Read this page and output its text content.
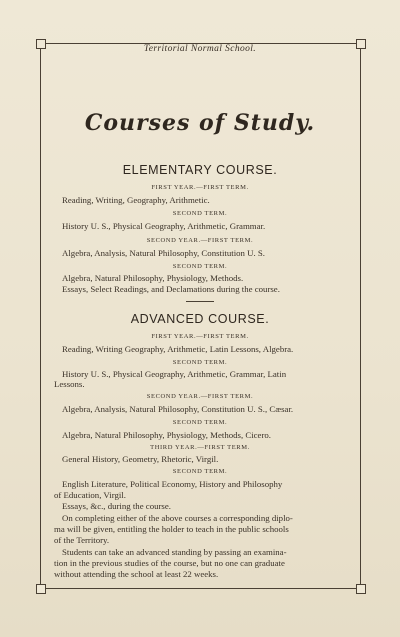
Territorial Normal School.
Courses of Study.
ELEMENTARY COURSE.
FIRST YEAR.—FIRST TERM.
Reading, Writing, Geography, Arithmetic.
SECOND TERM.
History U. S., Physical Geography, Arithmetic, Grammar.
SECOND YEAR.—FIRST TERM.
Algebra, Analysis, Natural Philosophy, Constitution U. S.
SECOND TERM.
Algebra, Natural Philosophy, Physiology, Methods.
Essays, Select Readings, and Declamations during the course.
ADVANCED COURSE.
FIRST YEAR.—FIRST TERM.
Reading, Writing Geography, Arithmetic, Latin Lessons, Algebra.
SECOND TERM.
History U. S., Physical Geography, Arithmetic, Grammar, Latin
Lessons.
SECOND YEAR.—FIRST TERM.
Algebra, Analysis, Natural Philosophy, Constitution U. S., Cæsar.
SECOND TERM.
Algebra, Natural Philosophy, Physiology, Methods, Cicero.
THIRD YEAR.—FIRST TERM.
General History, Geometry, Rhetoric, Virgil.
SECOND TERM.
English Literature, Political Economy, History and Philosophy
of Education, Virgil.
Essays, &c., during the course.
On completing either of the above courses a corresponding diplo-
ma will be given, entitling the holder to teach in the public schools
of the Territory.
Students can take an advanced standing by passing an examina-
tion in the previous studies of the course, but no one can graduate
without attending the school at least 22 weeks.
